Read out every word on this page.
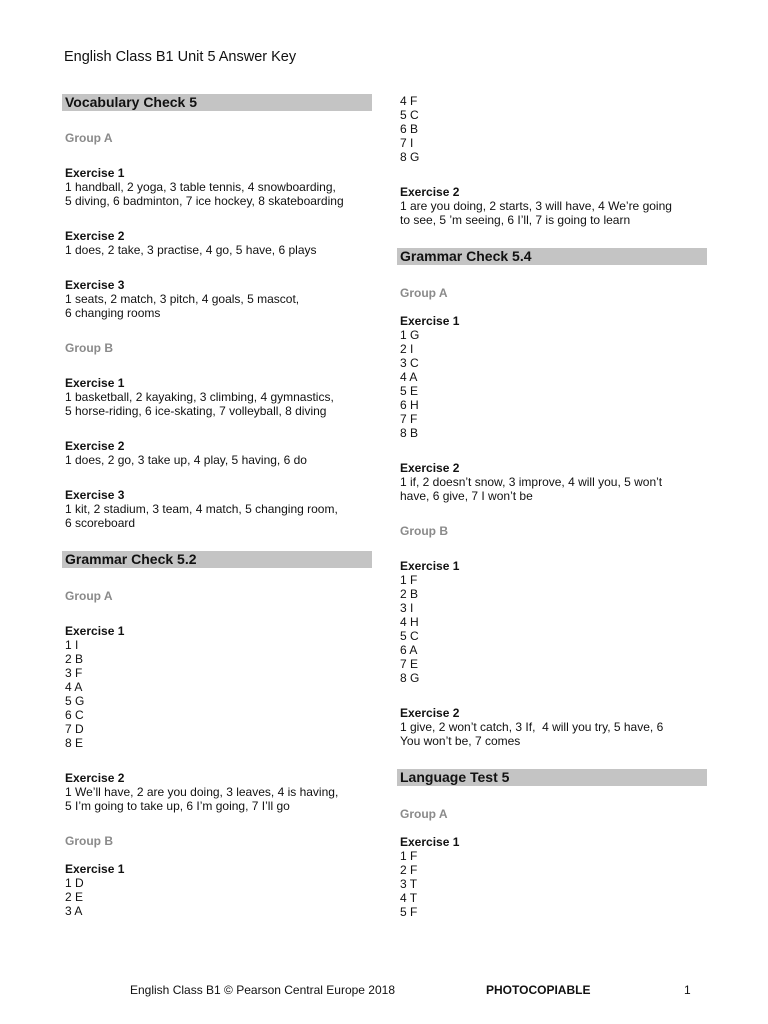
English Class B1 Unit 5 Answer Key
Vocabulary Check 5
Group A
Exercise 1
1 handball, 2 yoga, 3 table tennis, 4 snowboarding,
5 diving, 6 badminton, 7 ice hockey, 8 skateboarding
Exercise 2
1 does, 2 take, 3 practise, 4 go, 5 have, 6 plays
Exercise 3
1 seats, 2 match, 3 pitch, 4 goals, 5 mascot,
6 changing rooms
Group B
Exercise 1
1 basketball, 2 kayaking, 3 climbing, 4 gymnastics,
5 horse-riding, 6 ice-skating, 7 volleyball, 8 diving
Exercise 2
1 does, 2 go, 3 take up, 4 play, 5 having, 6 do
Exercise 3
1 kit, 2 stadium, 3 team, 4 match, 5 changing room,
6 scoreboard
Grammar Check 5.2
Group A
Exercise 1
1 I
2 B
3 F
4 A
5 G
6 C
7 D
8 E
Exercise 2
1 We’ll have, 2 are you doing, 3 leaves, 4 is having,
5 I’m going to take up, 6 I’m going, 7 I’ll go
Group B
Exercise 1
1 D
2 E
3 A
4 F
5 C
6 B
7 I
8 G
Exercise 2
1 are you doing, 2 starts, 3 will have, 4 We’re going
to see, 5 ’m seeing, 6 I’ll, 7 is going to learn
Grammar Check 5.4
Group A
Exercise 1
1 G
2 I
3 C
4 A
5 E
6 H
7 F
8 B
Exercise 2
1 if, 2 doesn’t snow, 3 improve, 4 will you, 5 won’t
have, 6 give, 7 I won’t be
Group B
Exercise 1
1 F
2 B
3 I
4 H
5 C
6 A
7 E
8 G
Exercise 2
1 give, 2 won’t catch, 3 If,  4 will you try, 5 have, 6
You won’t be, 7 comes
Language Test 5
Group A
Exercise 1
1 F
2 F
3 T
4 T
5 F
English Class B1 © Pearson Central Europe 2018	PHOTOCOPIABLE	1
